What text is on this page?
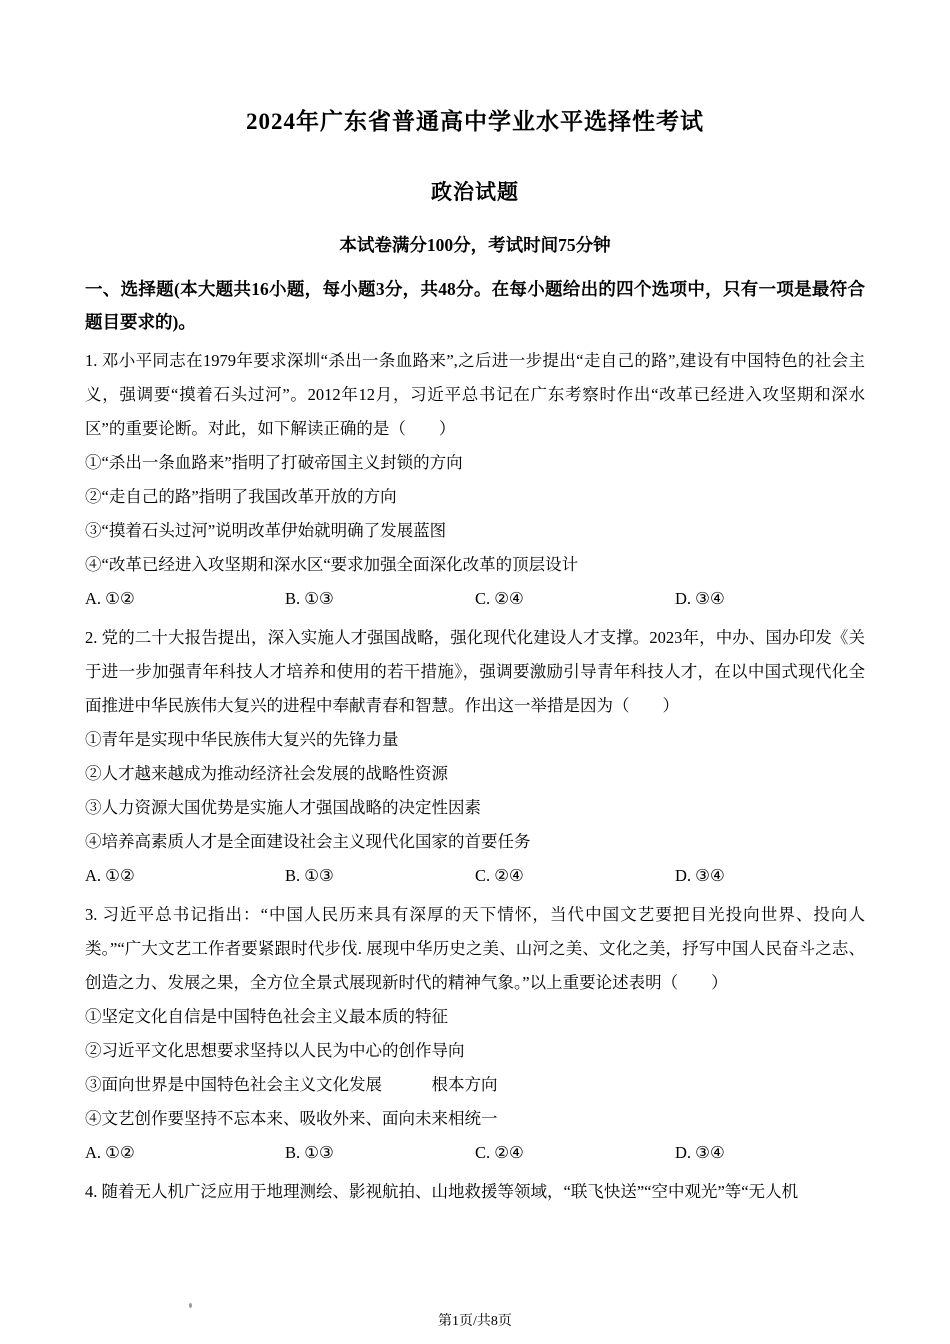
2024年广东省普通高中学业水平选择性考试
政治试题
本试卷满分100分，考试时间75分钟
一、选择题(本大题共16小题，每小题3分，共48分。在每小题给出的四个选项中，只有一项是最符合题目要求的)。

1. 邓小平同志在1979年要求深圳“杀出一条血路来”,之后进一步提出“走自己的路”,建设有中国特色的社会主义，强调要“摸着石头过河”。2012年12月，习近平总书记在广东考察时作出“改革已经进入攻坚期和深水区”的重要论断。对此，如下解读正确的是（　　）

①“杀出一条血路来”指明了打破帝国主义封锁的方向

②“走自己的路”指明了我国改革开放的方向

③“摸着石头过河”说明改革伊始就明确了发展蓝图

④“改革已经进入攻坚期和深水区“要求加强全面深化改革的顶层设计

A. ①②	B. ①③	C. ②④	D. ③④

2. 党的二十大报告提出，深入实施人才强国战略，强化现代化建设人才支撑。2023年，中办、国办印发《关于进一步加强青年科技人才培养和使用的若干措施》，强调要激励引导青年科技人才，在以中国式现代化全面推进中华民族伟大复兴的进程中奉献青春和智慧。作出这一举措是因为（　　）

①青年是实现中华民族伟大复兴的先锋力量

②人才越来越成为推动经济社会发展的战略性资源

③人力资源大国优势是实施人才强国战略的决定性因素

④培养高素质人才是全面建设社会主义现代化国家的首要任务

A. ①②	B. ①③	C. ②④	D. ③④

3. 习近平总书记指出：“中国人民历来具有深厚的天下情怀，当代中国文艺要把目光投向世界、投向人类。”“广大文艺工作者要紧跟时代步伐. 展现中华历史之美、山河之美、文化之美，抒写中国人民奋斗之志、创造之力、发展之果，全方位全景式展现新时代的精神气象。”以上重要论述表明（　　）

①坚定文化自信是中国特色社会主义最本质的特征

②习近平文化思想要求坚持以人民为中心的创作导向

③面向世界是中国特色社会主义文化发展　　　根本方向

④文艺创作要坚持不忘本来、吸收外来、面向未来相统一

A. ①②	B. ①③	C. ②④	D. ③④

4. 随着无人机广泛应用于地理测绘、影视航拍、山地救援等领域，“联飞快送”“空中观光”等“无人机

第1页/共8页
